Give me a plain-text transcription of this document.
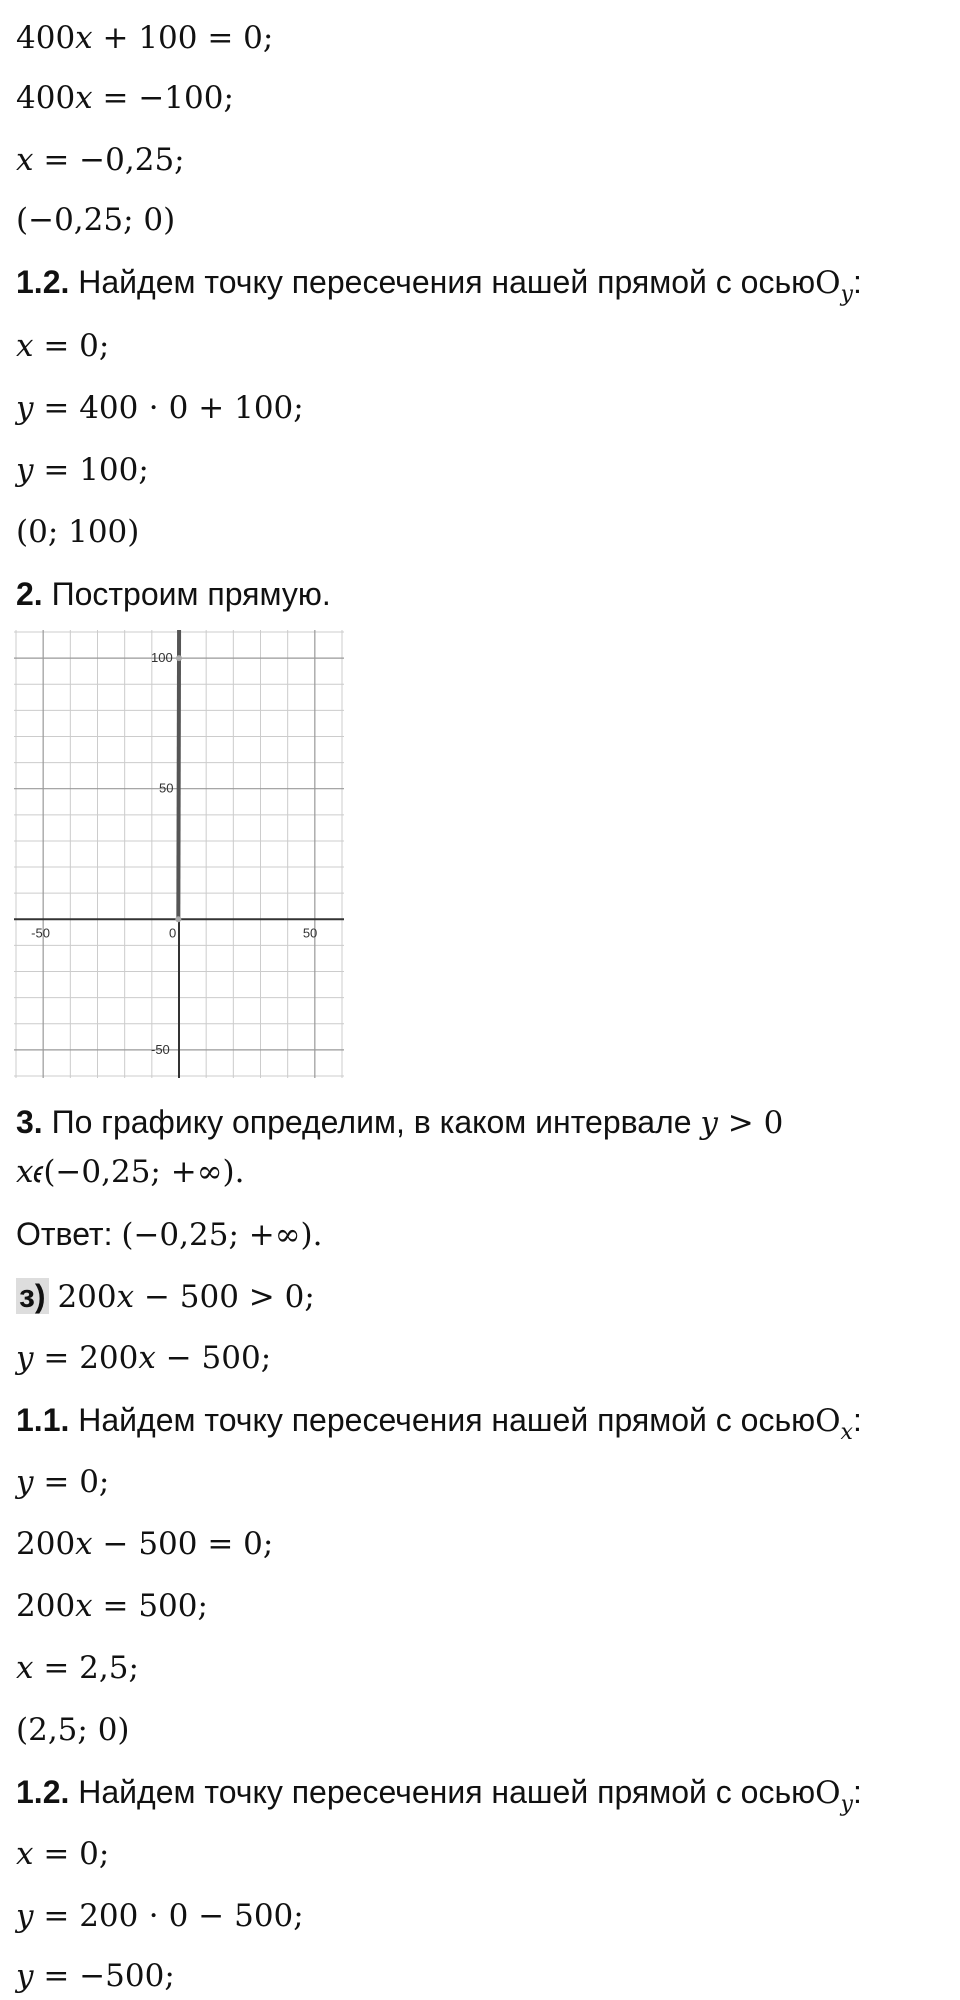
400𝑥 + 100 = 0;
400𝑥 = −100;
𝑥 = −0,25;
(−0,25; 0)
1.2. Найдем точку пересечения нашей прямой с осьюO$_𝑦$:
𝑥 = 0;
𝑦 = 400 ⋅ 0 + 100;
𝑦 = 100;
(0; 100)
2. Построим прямую.
-50	0	50
100
50
-50
3. По графику определим, в каком интервале 𝑦 > 0
𝑥𝜖(−0,25; +∞).
Ответ: (−0,25; +∞).
з) 200𝑥 − 500 > 0;
𝑦 = 200𝑥 − 500;
1.1. Найдем точку пересечения нашей прямой с осьюO$_𝑥$:
𝑦 = 0;
200𝑥 − 500 = 0;
200𝑥 = 500;
𝑥 = 2,5;
(2,5; 0)
1.2. Найдем точку пересечения нашей прямой с осьюO$_𝑦$:
𝑥 = 0;
𝑦 = 200 ⋅ 0 − 500;
𝑦 = −500;
